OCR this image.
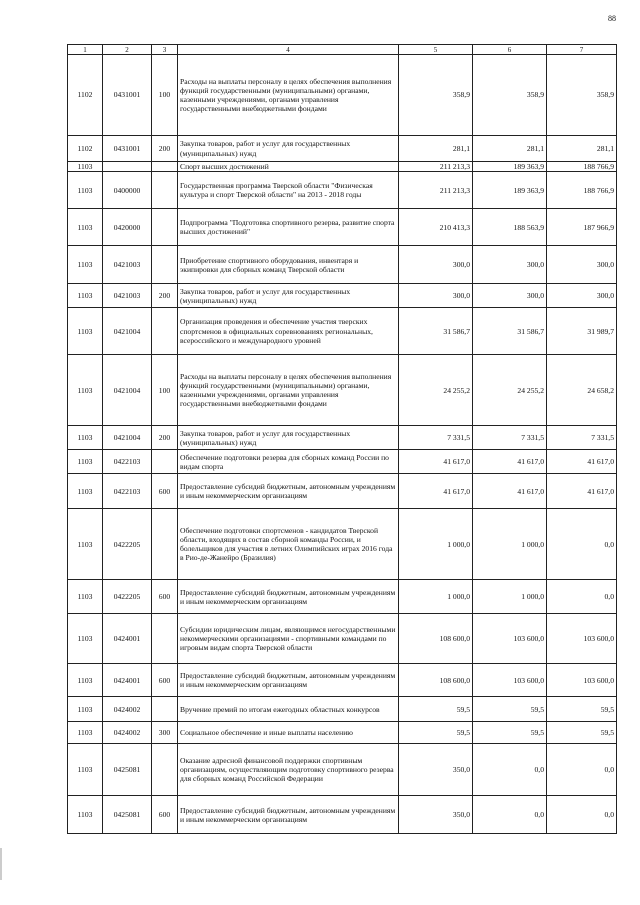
88
1	2	3	4	5	6	7
1102	0431001	100	Расходы на выплаты персоналу в целях обеспечения выполнения функций государственными (муниципальными) органами, казенными учреждениями, органами управления государственными внебюджетными фондами	358,9	358,9	358,9
1102	0431001	200	Закупка товаров, работ и услуг для государственных (муниципальных) нужд	281,1	281,1	281,1
1103			Спорт высших достижений	211 213,3	189 363,9	188 766,9
1103	0400000		Государственная программа Тверской области "Физическая культура и спорт Тверской области" на 2013 - 2018 годы	211 213,3	189 363,9	188 766,9
1103	0420000		Подпрограмма "Подготовка спортивного резерва, развитие спорта высших достижений"	210 413,3	188 563,9	187 966,9
1103	0421003		Приобретение спортивного оборудования, инвентаря и экипировки для сборных команд Тверской области	300,0	300,0	300,0
1103	0421003	200	Закупка товаров, работ и услуг для государственных (муниципальных) нужд	300,0	300,0	300,0
1103	0421004		Организация проведения и обеспечение участия тверских спортсменов в официальных соревнованиях региональных, всероссийского и международного уровней	31 586,7	31 586,7	31 989,7
1103	0421004	100	Расходы на выплаты персоналу в целях обеспечения выполнения функций государственными (муниципальными) органами, казенными учреждениями, органами управления государственными внебюджетными фондами	24 255,2	24 255,2	24 658,2
1103	0421004	200	Закупка товаров, работ и услуг для государственных (муниципальных) нужд	7 331,5	7 331,5	7 331,5
1103	0422103		Обеспечение подготовки резерва для сборных команд России по видам спорта	41 617,0	41 617,0	41 617,0
1103	0422103	600	Предоставление субсидий бюджетным, автономным учреждениям и иным некоммерческим организациям	41 617,0	41 617,0	41 617,0
1103	0422205		Обеспечение подготовки спортсменов - кандидатов Тверской области, входящих в состав сборной команды России, и болельщиков для участия в летних Олимпийских играх 2016 года в Рио-де-Жанейро (Бразилия)	1 000,0	1 000,0	0,0
1103	0422205	600	Предоставление субсидий бюджетным, автономным учреждениям и иным некоммерческим организациям	1 000,0	1 000,0	0,0
1103	0424001		Субсидии юридическим лицам, являющимся негосударственными некоммерческими организациями - спортивными командами по игровым видам спорта Тверской области	108 600,0	103 600,0	103 600,0
1103	0424001	600	Предоставление субсидий бюджетным, автономным учреждениям и иным некоммерческим организациям	108 600,0	103 600,0	103 600,0
1103	0424002		Вручение премий по итогам ежегодных областных конкурсов	59,5	59,5	59,5
1103	0424002	300	Социальное обеспечение и иные выплаты населению	59,5	59,5	59,5
1103	0425081		Оказание адресной финансовой поддержки спортивным организациям, осуществляющим подготовку спортивного резерва для сборных команд Российской Федерации	350,0	0,0	0,0
1103	0425081	600	Предоставление субсидий бюджетным, автономным учреждениям и иным некоммерческим организациям	350,0	0,0	0,0
